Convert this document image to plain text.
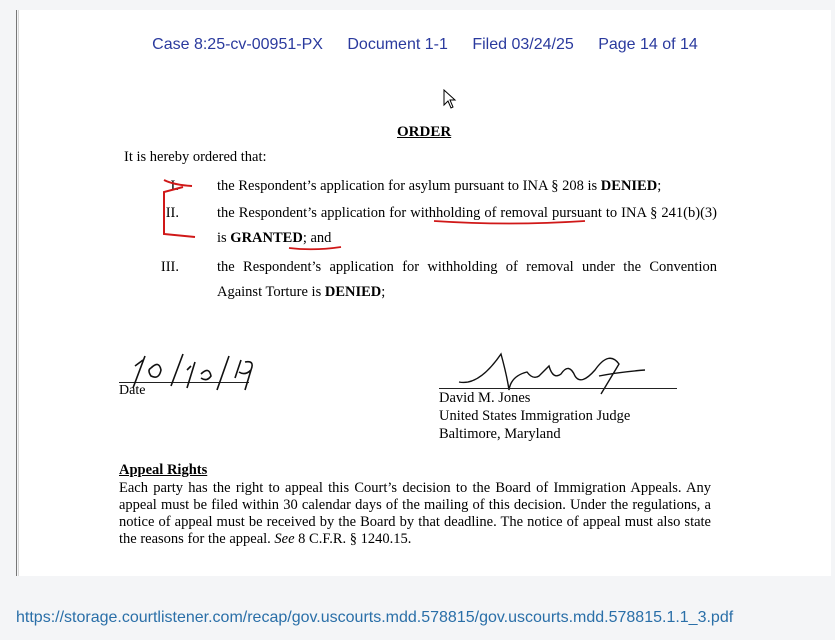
Case 8:25-cv-00951-PX Document 1-1 Filed 03/24/25 Page 14 of 14
ORDER
It is hereby ordered that:
I.	the Respondent’s application for asylum pursuant to INA § 208 is DENIED;
II.	the Respondent’s application for withholding of removal pursuant to INA § 241(b)(3) is GRANTED; and
III.	the Respondent’s application for withholding of removal under the Convention Against Torture is DENIED;
Date	David M. Jones
United States Immigration Judge
Baltimore, Maryland
Appeal Rights
Each party has the right to appeal this Court’s decision to the Board of Immigration Appeals. Any appeal must be filed within 30 calendar days of the mailing of this decision. Under the regulations, a notice of appeal must be received by the Board by that deadline. The notice of appeal must also state the reasons for the appeal. See 8 C.F.R. § 1240.15.
https://storage.courtlistener.com/recap/gov.uscourts.mdd.578815/gov.uscourts.mdd.578815.1.1_3.pdf
